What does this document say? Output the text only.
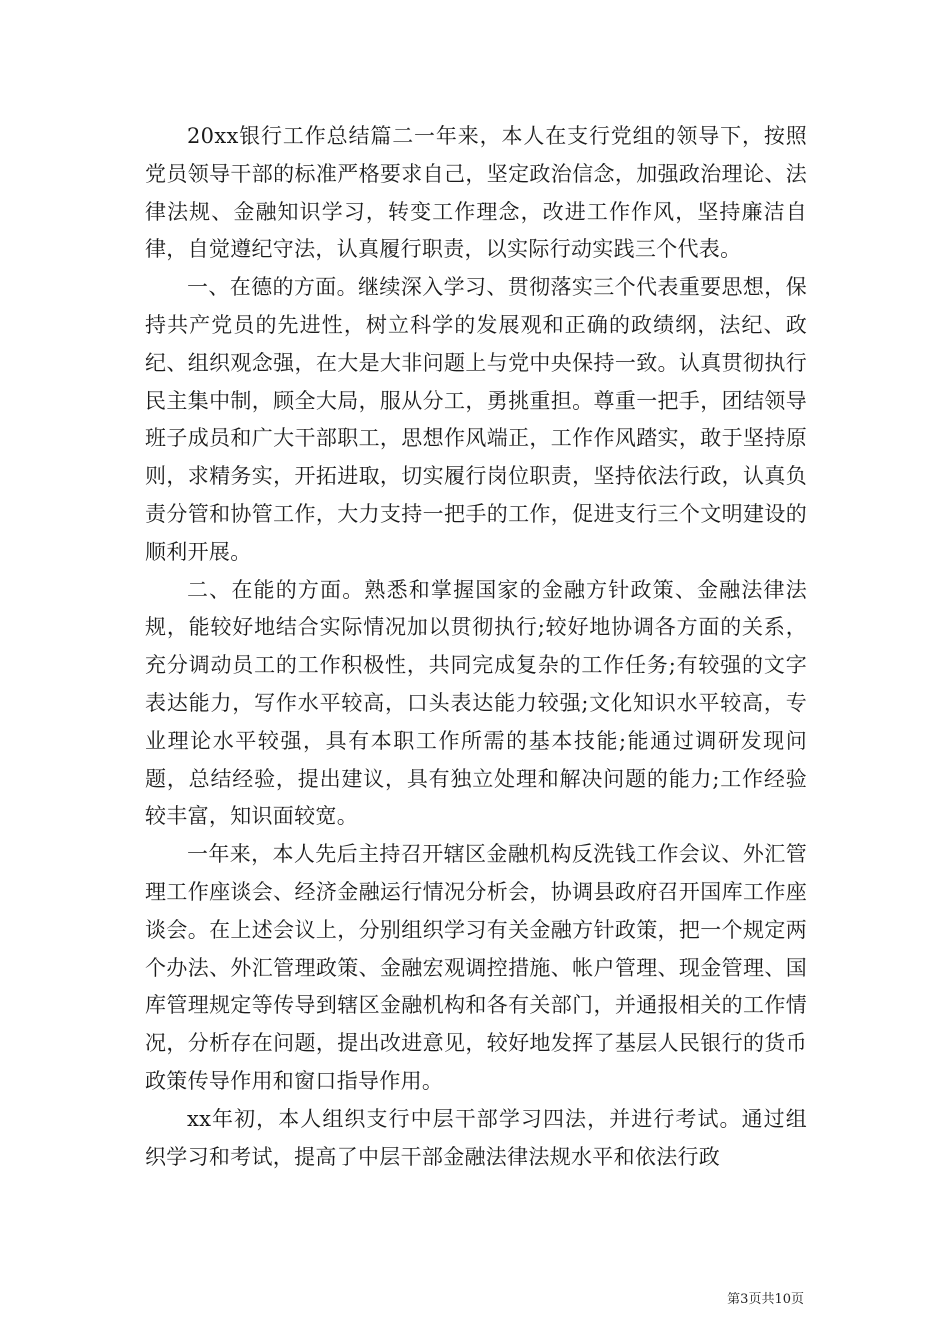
20xx银行工作总结篇二一年来，本人在支行党组的领导下，按照党员领导干部的标准严格要求自己，坚定政治信念，加强政治理论、法律法规、金融知识学习，转变工作理念，改进工作作风，坚持廉洁自律，自觉遵纪守法，认真履行职责，以实际行动实践三个代表。

一、在德的方面。继续深入学习、贯彻落实三个代表重要思想，保持共产党员的先进性，树立科学的发展观和正确的政绩纲，法纪、政纪、组织观念强，在大是大非问题上与党中央保持一致。认真贯彻执行民主集中制，顾全大局，服从分工，勇挑重担。尊重一把手，团结领导班子成员和广大干部职工，思想作风端正，工作作风踏实，敢于坚持原则，求精务实，开拓进取，切实履行岗位职责，坚持依法行政，认真负责分管和协管工作，大力支持一把手的工作，促进支行三个文明建设的顺利开展。

二、在能的方面。熟悉和掌握国家的金融方针政策、金融法律法规，能较好地结合实际情况加以贯彻执行;较好地协调各方面的关系，充分调动员工的工作积极性，共同完成复杂的工作任务;有较强的文字表达能力，写作水平较高，口头表达能力较强;文化知识水平较高，专业理论水平较强，具有本职工作所需的基本技能;能通过调研发现问题，总结经验，提出建议，具有独立处理和解决问题的能力;工作经验较丰富，知识面较宽。

一年来，本人先后主持召开辖区金融机构反洗钱工作会议、外汇管理工作座谈会、经济金融运行情况分析会，协调县政府召开国库工作座谈会。在上述会议上，分别组织学习有关金融方针政策，把一个规定两个办法、外汇管理政策、金融宏观调控措施、帐户管理、现金管理、国库管理规定等传导到辖区金融机构和各有关部门，并通报相关的工作情况，分析存在问题，提出改进意见，较好地发挥了基层人民银行的货币政策传导作用和窗口指导作用。

xx年初，本人组织支行中层干部学习四法，并进行考试。通过组织学习和考试，提高了中层干部金融法律法规水平和依法行政

第3页共10页
